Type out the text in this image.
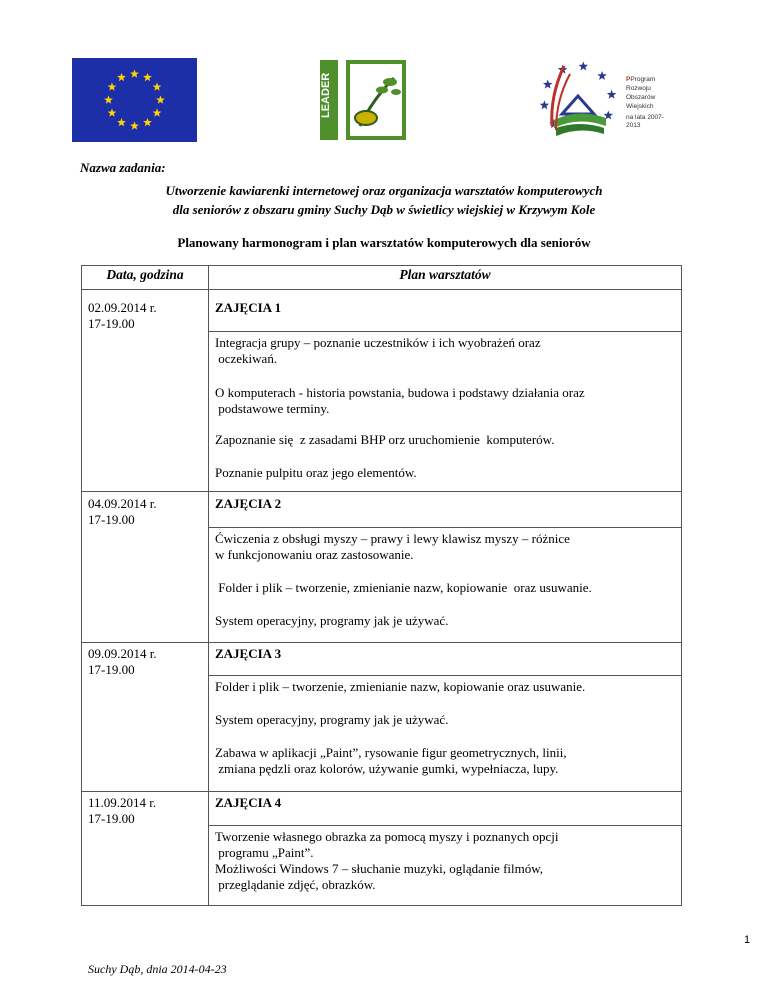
LEADER	PProgram
Rozwoju
Obszarów
Wiejskich
na lata 2007-2013
Nazwa zadania:
Utworzenie kawiarenki internetowej oraz organizacja warsztatów komputerowych
dla seniorów z obszaru gminy Suchy Dąb w świetlicy wiejskiej w Krzywym Kole
Planowany harmonogram i plan warsztatów komputerowych dla seniorów
Data, godzina	Plan warsztatów
02.09.2014 r.
17-19.00
ZAJĘCIA 1
Integracja grupy – poznanie uczestników i ich wyobrażeń oraz
oczekiwań.
O komputerach - historia powstania, budowa i podstawy działania oraz
podstawowe terminy.
Zapoznanie się  z zasadami BHP orz uruchomienie  komputerów.
Poznanie pulpitu oraz jego elementów.
04.09.2014 r.
17-19.00
ZAJĘCIA 2
Ćwiczenia z obsługi myszy – prawy i lewy klawisz myszy – różnice
w funkcjonowaniu oraz zastosowanie.
Folder i plik – tworzenie, zmienianie nazw, kopiowanie  oraz usuwanie.
System operacyjny, programy jak je używać.
09.09.2014 r.
17-19.00
ZAJĘCIA 3
Folder i plik – tworzenie, zmienianie nazw, kopiowanie oraz usuwanie.
System operacyjny, programy jak je używać.
Zabawa w aplikacji „Paint”, rysowanie figur geometrycznych, linii,
zmiana pędzli oraz kolorów, używanie gumki, wypełniacza, lupy.
11.09.2014 r.
17-19.00
ZAJĘCIA 4
Tworzenie własnego obrazka za pomocą myszy i poznanych opcji
programu „Paint”.
Możliwości Windows 7 – słuchanie muzyki, oglądanie filmów,
przeglądanie zdjęć, obrazków.
1
Suchy Dąb, dnia 2014-04-23
